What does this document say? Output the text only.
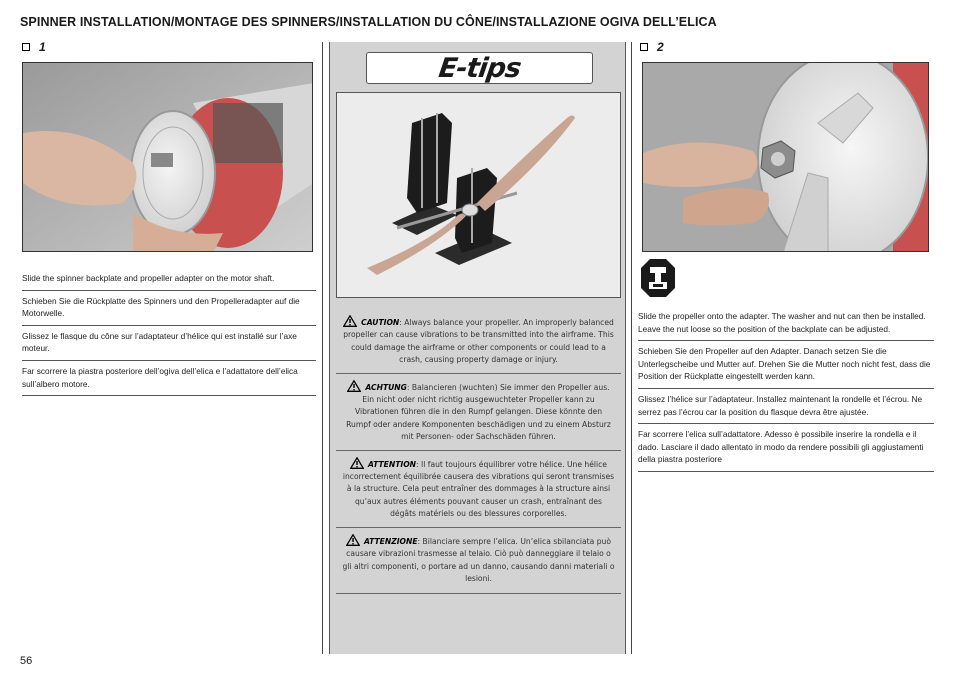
SPINNER INSTALLATION/MONTAGE DES SPINNERS/INSTALLATION DU CÔNE/INSTALLAZIONE OGIVA DELL’ELICA
1
Slide the spinner backplate and propeller adapter on the motor shaft.
Schieben Sie die Rückplatte des Spinners und den Propelleradapter auf die Motorwelle.
Glissez le flasque du cône sur l’adaptateur d’hélice qui est installé sur l’axe moteur.
Far scorrere la piastra posteriore dell’ogiva dell’elica e l’adattatore dell’elica sull’albero motore.
E-tips
CAUTION: Always balance your propeller. An improperly balanced propeller can cause vibrations to be transmitted into the airframe. This could damage the airframe or other components or could lead to a crash, causing property damage or injury.
ACHTUNG: Balancieren (wuchten) Sie immer den Propeller aus. Ein nicht oder nicht richtig ausgewuchteter Propeller kann zu Vibrationen führen die in den Rumpf gelangen. Diese könnte den Rumpf oder andere Komponenten beschädigen und zu einem Absturz mit Personen- oder Sachschäden führen.
ATTENTION: Il faut toujours équilibrer votre hélice. Une hélice incorrectement équilibrée causera des vibrations qui seront transmises à la structure. Cela peut entraîner des dommages à la structure ainsi qu’aux autres éléments pouvant causer un crash, entraînant des dégâts matériels ou des blessures corporelles.
ATTENZIONE: Bilanciare sempre l’elica. Un’elica sbilanciata può causare vibrazioni trasmesse al telaio. Ciò può danneggiare il telaio o gli altri componenti, o portare ad un danno, causando danni materiali o lesioni.
2
Slide the propeller onto the adapter. The washer and nut can then be installed. Leave the nut loose so the position of the backplate can be adjusted.
Schieben Sie den Propeller auf den Adapter. Danach setzen Sie die Unterlegscheibe und Mutter auf. Drehen Sie die Mutter noch nicht fest, dass die Position der Rückplatte eingestellt werden kann.
Glissez l’hélice sur l’adaptateur. Installez maintenant la rondelle et l’écrou. Ne serrez pas l’écrou car la position du flasque devra être ajustée.
Far scorrere l’elica sull’adattatore. Adesso è possibile inserire la rondella e il dado. Lasciare il dado allentato in modo da rendere possibili gli aggiustamenti della piastra posteriore
56
